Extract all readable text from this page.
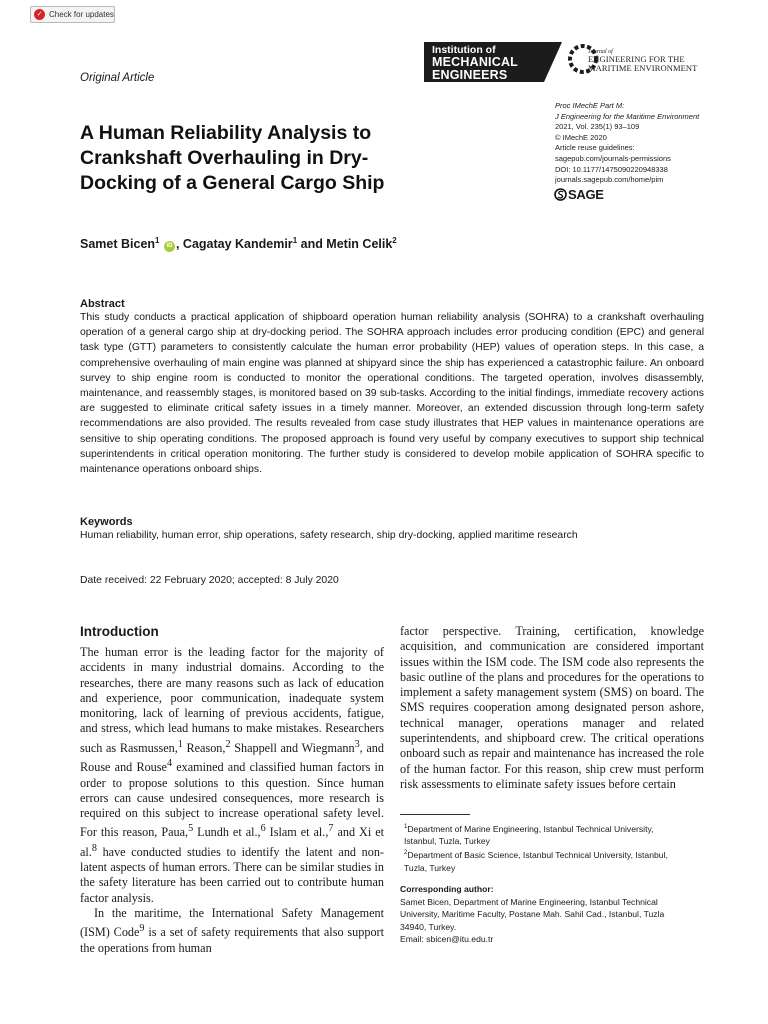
✓ Check for updates
Original Article
Institution of
MECHANICAL
ENGINEERS
Journal of
ENGINEERING FOR THE
MARITIME ENVIRONMENT
Proc IMechE Part M:
J Engineering for the Maritime Environment
2021, Vol. 235(1) 93–109
© IMechE 2020
Article reuse guidelines:
sagepub.com/journals-permissions
DOI: 10.1177/1475090220948338
journals.sagepub.com/home/pim
SAGE
A Human Reliability Analysis to Crankshaft Overhauling in Dry-Docking of a General Cargo Ship
Samet Bicen$^1$ iD , Cagatay Kandemir$^1$ and Metin Celik$^2$
Abstract
This study conducts a practical application of shipboard operation human reliability analysis (SOHRA) to a crankshaft overhauling operation of a general cargo ship at dry-docking period. The SOHRA approach includes error producing condition (EPC) and general task type (GTT) parameters to consistently calculate the human error probability (HEP) values of operation steps. In this case, a comprehensive overhauling of main engine was planned at shipyard since the ship has experienced a catastrophic failure. An onboard survey to ship engine room is conducted to monitor the operational conditions. The targeted operation, involves disassembly, maintenance, and reassembly stages, is monitored based on 39 sub-tasks. According to the initial findings, immediate recovery actions are suggested to eliminate critical safety issues in a timely manner. Moreover, an extended discussion through long-term safety recommendations are also provided. The results revealed from case study illustrates that HEP values in maintenance operations are sensitive to ship operating conditions. The proposed approach is found very useful by company executives to support ship technical superintendents in critical operation monitoring. The further study is considered to develop mobile application of SOHRA specific to maintenance operations onboard ships.
Keywords
Human reliability, human error, ship operations, safety research, ship dry-docking, applied maritime research
Date received: 22 February 2020; accepted: 8 July 2020
Introduction

The human error is the leading factor for the majority of accidents in many industrial domains. According to the researches, there are many reasons such as lack of education and experience, poor communication, inadequate system monitoring, lack of learning of previous accidents, fatigue, and stress, which lead humans to make mistakes. Researchers such as Rasmussen,$^1$ Reason,$^2$ Shappell and Wiegmann$^3$, and Rouse and Rouse$^4$ examined and classified human factors in order to propose solutions to this question. Since human errors can cause undesired consequences, more research is required on this subject to increase operational safety level. For this reason, Paua,$^5$ Lundh et al.,$^6$ Islam et al.,$^7$ and Xi et al.$^8$ have conducted studies to identify the latent and non-latent aspects of human errors. There can be similar studies in the safety literature has been carried out to contribute human factor analysis.

In the maritime, the International Safety Management (ISM) Code$^9$ is a set of safety requirements that also support the operations from human

factor perspective. Training, certification, knowledge acquisition, and communication are considered important issues within the ISM code. The ISM code also represents the basic outline of the plans and procedures for the operations to implement a safety management system (SMS) on board. The SMS requires cooperation among designated person ashore, technical manager, operations manager and related superintendents, and shipboard crew. The critical operations onboard such as repair and maintenance has increased the role of the human factor. For this reason, ship crew must perform risk assessments to eliminate safety issues before certain
$^1$Department of Marine Engineering, Istanbul Technical University,
Istanbul, Tuzla, Turkey
$^2$Department of Basic Science, Istanbul Technical University, Istanbul,
Tuzla, Turkey
Corresponding author:
Samet Bicen, Department of Marine Engineering, Istanbul Technical
University, Maritime Faculty, Postane Mah. Sahil Cad., Istanbul, Tuzla
34940, Turkey.
Email: sbicen@itu.edu.tr
